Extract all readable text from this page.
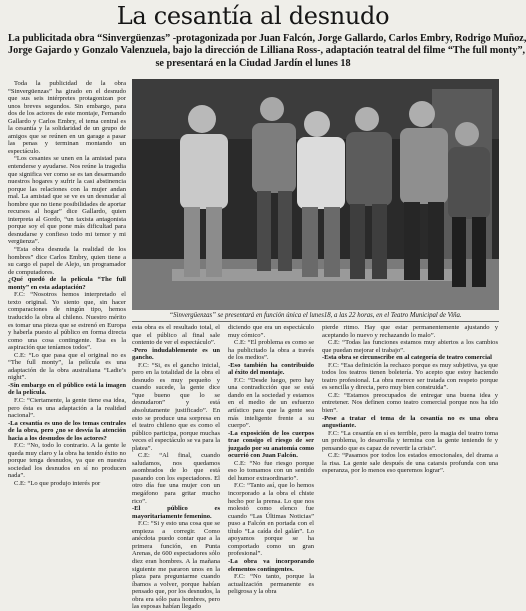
La cesantía al desnudo
La publicitada obra “Sinvergüenzas” -protagonizada por Juan Falcón, Jorge Gallardo, Carlos Embry, Rodrigo Muñoz,
Jorge Gajardo y Gonzalo Valenzuela, bajo la dirección de Lilliana Ross-, adaptación teatral del filme “The full monty”,
se presentará en la Ciudad Jardín el lunes 18

Toda la publicidad de la obra “Sinvergüenzas” ha girado en el desnudo que sus seis intérpretes protagonizan por unos breves segundos. Sin embargo, para dos de los actores de este montaje, Fernando Gallardo y Carlos Embry, el tema central es la cesantía y la solidaridad de un grupo de amigos que se reúnen en un garage a pasar las penas y terminan montando un espectáculo.

“Los cesantes se unen en la amistad para entenderse y ayudarse. Nos reúne la tragedia que significa ver como se es tan desarmando nuestros hogares y sufrir la casi abstinencia porque las relaciones con la mujer andan mal. La amistad que se ve es un desnudar al hombre que no tiene posibilidades de aportar recursos al hogar” dice Gallardo, quien interpreta al Gordo, “un taxista antagonista porque soy el que pone más dificultad para desnudarse y confieso todo mi temor y mi vergüenza”.

“Esta obra desnuda la realidad de los hombres” dice Carlos Embry, quien tiene a su cargo el papel de Alejo, un programador de computadores.

¿Qué quedó de la película “The full monty” en esta adaptación?

F.C: “Nosotros hemos interpretado el texto original. Yo siento que, sin hacer comparaciones de ningún tipo, hemos traducido la obra al chileno. Nuestro mérito es tomar una pieza que se estrenó en Europa y haberla puesto al público en forma directa como una cosa contingente. Esa es la aspiración que teníamos todos”.

C.E: “Lo que pasa que el original no es “The full monty”, la película es una adaptación de la obra australiana “Ladie’s night”.

-Sin embargo en el público está la imagen de la película.

F.C: “Ciertamente, la gente tiene esa idea, pero ésta es una adaptación a la realidad nacional”.

-La cesantía es uno de los temas centrales de la obra, pero ¿no se desvía la atención hacia a los desnudos de los actores?

F.C: “No, todo lo contrario. A la gente le queda muy claro y la obra ha tenido éxito no porque tenga desnudos, ya que en nuestra sociedad los desnudos en sí no producen nada”.

C.E: “Lo que produjo interés por

“Sinvergüenzas” se presentará en función única el lunes18, a las 22 horas, en el Teatro Municipal de Viña.

esta obra es el resultado total, el que el público al final sale contento de ver el espectáculo”.

-Pero indudablemente es un gancho.

F.C: “Si, es el gancho inicial, pero en la totalidad de la obra el desnudo es muy pequeño y cuando sucede, la gente dice “que bueno que lo se desnudaron” y está absolutamente justificado”. En esto se produce una sorpresa en el teatro chileno que es como el público participa, porque muchas veces el espectáculo se va para la platea”.

C.E: “Al final, cuando saludamos, nos quedamos asombrados de lo que está pasando con los espectadores. El otro día fue una mujer con un megáfono para gritar mucho rico”.

-El público es mayoritariamente femenino.

F.C: “Si y esto una cosa que se empieza a corregir. Como anécdota puedo contar que a la primera función, en Punta Arenas, de 600 espectadores sólo diez eran hombres. A la mañana siguiente me pararon unos en la plaza para preguntarme cuando íbamos a volver, porque habían pensado que, por los desnudos, la obra era sólo para hombres, pero las esposas habían llegado

diciendo que era un espectáculo muy cómico”.

C.E: “El problema es como se ha publicitado la obra a través de los medios”.

-Eso también ha contribuido al éxito del montaje.

F.C: “Desde luego, pero hay una contradicción que se está dando en la sociedad y estamos en el medio de un esfuerzo artístico para que la gente sea más inteligente frente a su cuerpo”.

-La exposición de los cuerpos trae consigo el riesgo de ser juzgado por su anatomía como ocurrió con Juan Falcón.

C.E: “No fue riesgo porque eso lo tomamos con un sentido del humor extraordinario”.

F.C: “Tanto así, que lo hemos incorporado a la obra el chiste hecho por la prensa. Lo que nos molestó como elenco fue cuando “Las Últimas Noticias” puso a Falcón en portada con el título “La caída del galán”. Lo apoyamos porque se ha comportado como un gran profesional”.

-La obra va incorporando elementos contingentes.

F.C: “No tanto, porque la actualización permanente es peligrosa y la obra

pierde ritmo. Hay que estar permanentemente ajustando y aceptando lo nuevo y rechazando lo malo”.

C.E: “Todas las funciones estamos muy abiertos a los cambios que puedan mejorar el trabajo”.

-Esta obra se circunscribe en al categoría de teatro comercial

F.C: “Esa definición la rechazo porque es muy subjetiva, ya que todos los teatros tienen boletería. Yo acepto que estoy haciendo teatro profesional. La obra merece ser tratada con respeto porque es sencilla y directa, pero muy bien construida”.

C.E: “Estamos preocupados de entregar una buena idea y entretener. Nos definen como teatro comercial porque nos ha ido bien”.

-Pese a tratar el tema de la cesantía no es una obra angustiante.

F.C: “La cesantía en sí es terrible, pero la magia del teatro toma un problema, lo desarrolla y termina con la gente teniendo fe y pensando que es capaz de revertir la crisis”.

C.E: “Pasamos por todos los estados emocionales, del drama a la risa. La gente sale después de una catarsis profunda con una esperanza, por lo menos eso queremos lograr”.
